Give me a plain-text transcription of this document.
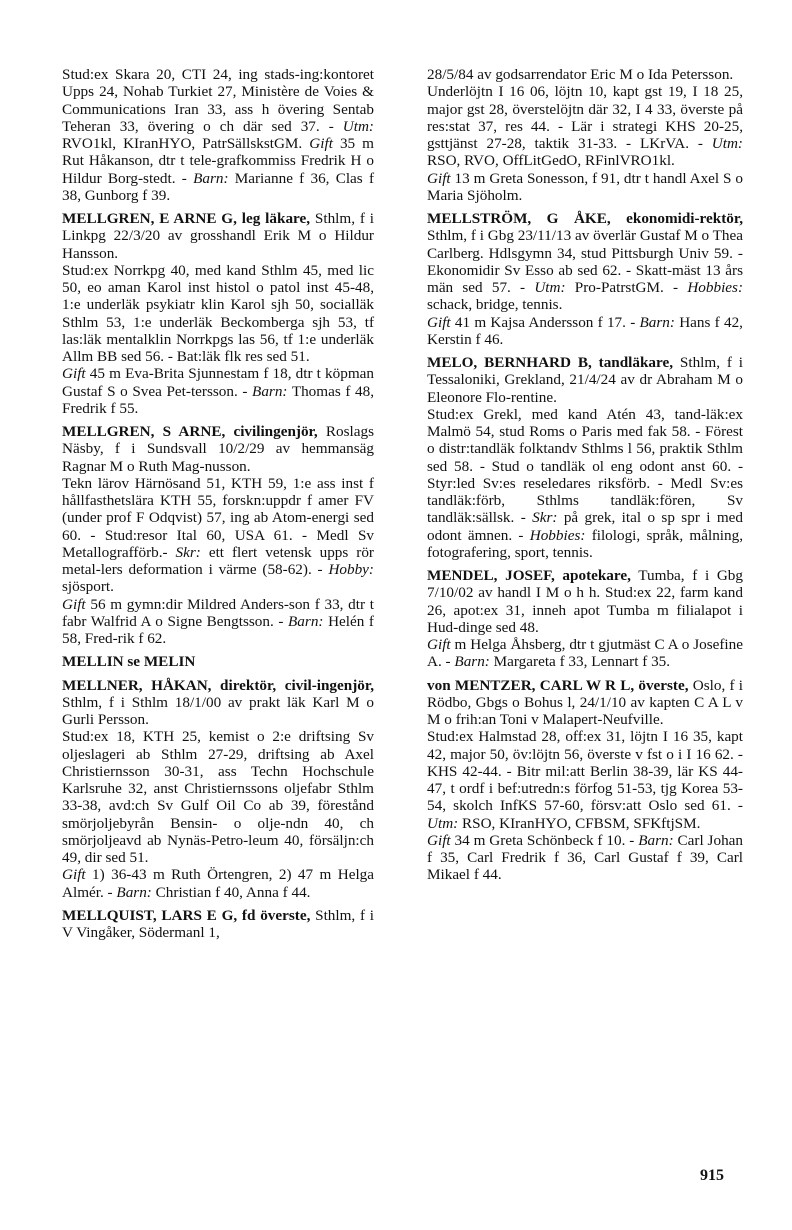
Stud:ex Skara 20, CTI 24, ing stads-ing:kontoret Upps 24, Nohab Turkiet 27, Ministère de Voies & Communications Iran 33, ass h övering Sentab Teheran 33, övering o ch där sed 37. - Utm: RVO1kl, KIranHYO, PatrSällskstGM. Gift 35 m Rut Håkanson, dtr t tele-grafkommiss Fredrik H o Hildur Borg-stedt. - Barn: Marianne f 36, Clas f 38, Gunborg f 39.

MELLGREN, E ARNE G, leg läkare, Sthlm, f i Linkpg 22/3/20 av grosshandl Erik M o Hildur Hansson.

Stud:ex Norrkpg 40, med kand Sthlm 45, med lic 50, eo aman Karol inst histol o patol inst 45-48, 1:e underläk psykiatr klin Karol sjh 50, socialläk Sthlm 53, 1:e underläk Beckomberga sjh 53, tf las:läk mentalklin Norrkpgs las 56, tf 1:e underläk Allm BB sed 56. - Bat:läk flk res sed 51.

Gift 45 m Eva-Brita Sjunnestam f 18, dtr t köpman Gustaf S o Svea Pet-tersson. - Barn: Thomas f 48, Fredrik f 55.

MELLGREN, S ARNE, civilingenjör, Roslags Näsby, f i Sundsvall 10/2/29 av hemmansäg Ragnar M o Ruth Mag-nusson.

Tekn lärov Härnösand 51, KTH 59, 1:e ass inst f hållfasthetslära KTH 55, forskn:uppdr f amer FV (under prof F Odqvist) 57, ing ab Atom-energi sed 60. - Stud:resor Ital 60, USA 61. - Medl Sv Metallografförb.- Skr: ett flert vetensk upps rör metal-lers deformation i värme (58-62). - Hobby: sjösport.

Gift 56 m gymn:dir Mildred Anders-son f 33, dtr t fabr Walfrid A o Signe Bengtsson. - Barn: Helén f 58, Fred-rik f 62.

MELLIN se MELIN

MELLNER, HÅKAN, direktör, civil-ingenjör, Sthlm, f i Sthlm 18/1/00 av prakt läk Karl M o Gurli Persson.

Stud:ex 18, KTH 25, kemist o 2:e driftsing Sv oljeslageri ab Sthlm 27-29, driftsing ab Axel Christiernsson 30-31, ass Techn Hochschule Karlsruhe 32, anst Christiernssons oljefabr Sthlm 33-38, avd:ch Sv Gulf Oil Co ab 39, förestånd smörjoljebyrån Bensin- o olje-ndn 40, ch smörjoljeavd ab Nynäs-Petro-leum 40, försäljn:ch 49, dir sed 51.

Gift 1) 36-43 m Ruth Örtengren, 2) 47 m Helga Almér. - Barn: Christian f 40, Anna f 44.

MELLQUIST, LARS E G, fd överste, Sthlm, f i V Vingåker, Södermanl 1,

28/5/84 av godsarrendator Eric M o Ida Petersson.

Underlöjtn I 16 06, löjtn 10, kapt gst 19, I 18 25, major gst 28, överstelöjtn där 32, I 4 33, överste på res:stat 37, res 44. - Lär i strategi KHS 20-25, gsttjänst 27-28, taktik 31-33. - LKrVA. - Utm: RSO, RVO, OffLitGedO, RFinlVRO1kl.

Gift 13 m Greta Sonesson, f 91, dtr t handl Axel S o Maria Sjöholm.

MELLSTRÖM, G ÅKE, ekonomidi-rektör, Sthlm, f i Gbg 23/11/13 av överlär Gustaf M o Thea Carlberg. Hdlsgymn 34, stud Pittsburgh Univ 59. - Ekonomidir Sv Esso ab sed 62. - Skatt-mäst 13 års män sed 57. - Utm: Pro-PatrstGM. - Hobbies: schack, bridge, tennis.

Gift 41 m Kajsa Andersson f 17. - Barn: Hans f 42, Kerstin f 46.

MELO, BERNHARD B, tandläkare, Sthlm, f i Tessaloniki, Grekland, 21/4/24 av dr Abraham M o Eleonore Flo-rentine.

Stud:ex Grekl, med kand Atén 43, tand-läk:ex Malmö 54, stud Roms o Paris med fak 58. - Förest o distr:tandläk folktandv Sthlms l 56, praktik Sthlm sed 58. - Stud o tandläk ol eng odont anst 60. - Styr:led Sv:es reseledares riksförb. - Medl Sv:es tandläk:förb, Sthlms tandläk:fören, Sv tandläk:sällsk. - Skr: på grek, ital o sp spr i med odont ämnen. - Hobbies: filologi, språk, målning, fotografering, sport, tennis.

MENDEL, JOSEF, apotekare, Tumba, f i Gbg 7/10/02 av handl I M o h h. Stud:ex 22, farm kand 26, apot:ex 31, inneh apot Tumba m filialapot i Hud-dinge sed 48.

Gift m Helga Åhsberg, dtr t gjutmäst C A o Josefine A. - Barn: Margareta f 33, Lennart f 35.

von MENTZER, CARL W R L, överste, Oslo, f i Rödbo, Gbgs o Bohus l, 24/1/10 av kapten C A L v M o frih:an Toni v Malapert-Neufville.

Stud:ex Halmstad 28, off:ex 31, löjtn I 16 35, kapt 42, major 50, öv:löjtn 56, överste v fst o i I 16 62. - KHS 42-44. - Bitr mil:att Berlin 38-39, lär KS 44-47, t ordf i bef:utredn:s förfog 51-53, tjg Korea 53-54, skolch InfKS 57-60, försv:att Oslo sed 61. - Utm: RSO, KIranHYO, CFBSM, SFKftjSM.

Gift 34 m Greta Schönbeck f 10. - Barn: Carl Johan f 35, Carl Fredrik f 36, Carl Gustaf f 39, Carl Mikael f 44.

915
